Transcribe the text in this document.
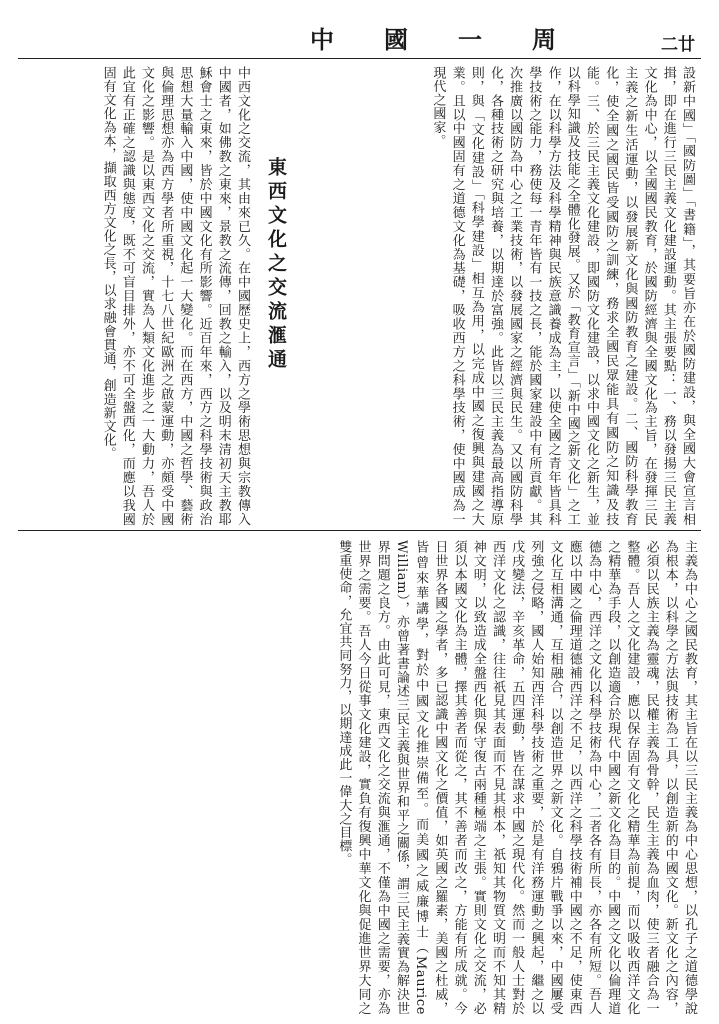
中 國 一 周	二廿
設新中國」「國防圖」「書籍」，其要旨亦在於國防建設，與全國大會宣言相揖，即在進行三民主義文化建設運動。其主張要點：一、務以發揚三民主義文化為中心，以全國國民教育，於國防經濟與全國文化為主旨，在發揮三民主義之新生活運動，以發展新文化與國防教育之建設。二、國防科學教育化，使全國之國民皆受國防之訓練，務求全國民眾能具有國防之知識及技能。三、於三民主義文化建設，即國防文化建設，以求中國文化之新生，並以科學知識及技能之全體化發展。又於「教育宣言」「新中國之新文化」之工作，在以科學方法及科學精神與民族意識養成為主，以使全國之青年皆具科學技術之能力，務使每一青年皆有一技之長，能於國家建設中有所貢獻。其次推廣以國防為中心之工業技術，以發展國家之經濟與民生。又以國防科學化，各種技術之研究與培養，以期達於富強。此皆以三民主義為最高指導原則，與「文化建設」「科學建設」相互為用，以完成中國之復興與建國之大業。且以中國固有之道德文化為基礎，吸收西方之科學技術，使中國成為一現代之國家。
東西文化之交流滙通
中西文化之交流，其由來已久。在中國歷史上，西方之學術思想與宗教傳入中國者，如佛教之東來，景教之流傳，回教之輸入，以及明末清初天主教耶穌會士之東來，皆於中國文化有所影響。近百年來，西方之科學技術與政治思想大量輸入中國，使中國文化起一大變化。而在西方，中國之哲學、藝術與倫理思想亦為西方學者所重視，十七八世紀歐洲之啟蒙運動，亦頗受中國文化之影響。是以東西文化之交流，實為人類文化進步之一大動力，吾人於此宜有正確之認識與態度，既不可盲目排外，亦不可全盤西化，而應以我國固有文化為本，擷取西方文化之長，以求融會貫通，創造新文化。
主義為中心之國民教育，其主旨在以三民主義為中心思想，以孔子之道德學說為根本，以科學之方法與技術為工具，以創造新的中國文化。新文化之內容，必須以民族主義為靈魂，民權主義為骨幹，民生主義為血肉，使三者融合為一整體。吾人之文化建設，應以保存固有文化之精華為前提，而以吸收西洋文化之精華為手段，以創造適合於現代中國之新文化為目的。中國之文化以倫理道德為中心，西洋之文化以科學技術為中心，二者各有所長，亦各有所短。吾人應以中國之倫理道德補西洋之不足，以西洋之科學技術補中國之不足，使東西文化互相溝通，互相融合，以創造世界之新文化。自鴉片戰爭以來，中國屢受列強之侵略，國人始知西洋科學技術之重要，於是有洋務運動之興起，繼之以戊戌變法，辛亥革命，五四運動，皆在謀求中國之現代化。然而一般人士對於西洋文化之認識，往往祇見其表面而不見其根本，祇知其物質文明而不知其精神文明，以致造成全盤西化與保守復古兩種極端之主張。實則文化之交流，必須以本國文化為主體，擇其善者而從之，其不善者而改之，方能有所成就。今日世界各國之學者，多已認識中國文化之價值，如英國之羅素，美國之杜威，皆曾來華講學，對於中國文化推崇備至。而美國之威廉博士（Maurice William），亦曾著書論述三民主義與世界和平之關係，謂三民主義實為解決世界問題之良方。由此可見，東西文化之交流與滙通，不僅為中國之需要，亦為世界之需要。吾人今日從事文化建設，實負有復興中華文化與促進世界大同之雙重使命，允宜共同努力，以期達成此一偉大之目標。
